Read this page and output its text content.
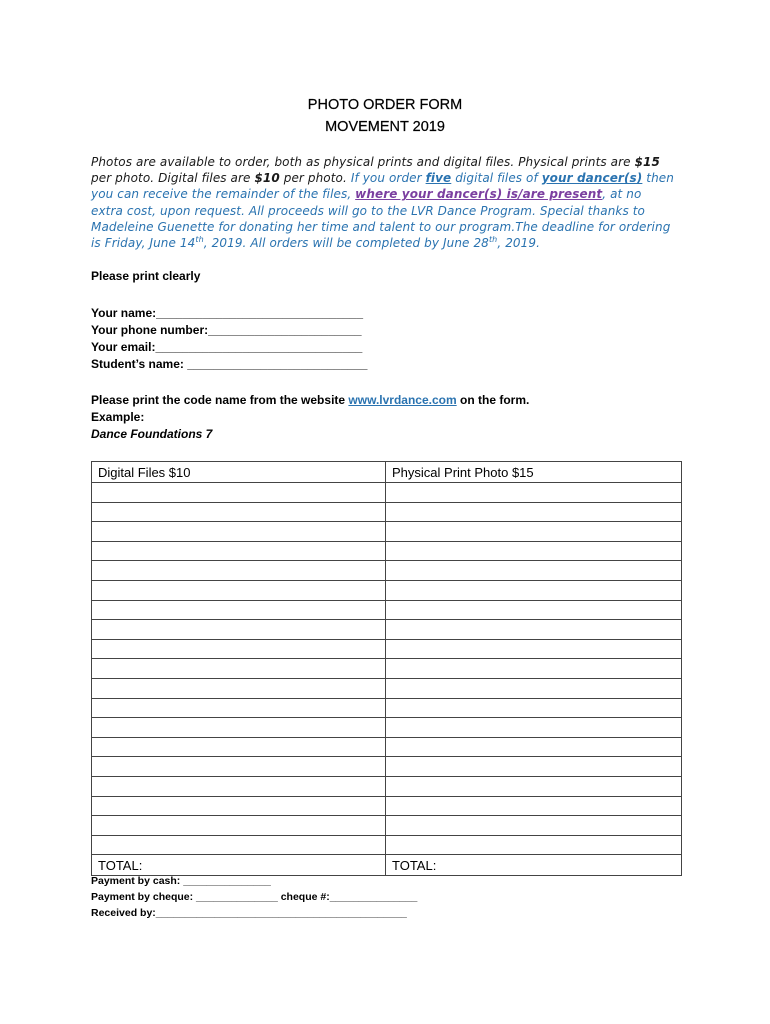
PHOTO ORDER FORM
MOVEMENT 2019
Photos are available to order, both as physical prints and digital files. Physical prints are $15 per photo. Digital files are $10 per photo. If you order five digital files of your dancer(s) then you can receive the remainder of the files, where your dancer(s) is/are present, at no extra cost, upon request. All proceeds will go to the LVR Dance Program. Special thanks to Madeleine Guenette for donating her time and talent to our program.The deadline for ordering is Friday, June 14th, 2019. All orders will be completed by June 28th, 2019.
Please print clearly
Your name:_______________________________
Your phone number:_______________________
Your email:_______________________________
Student’s name: ___________________________
Please print the code name from the website www.lvrdance.com on the form.
Example:
Dance Foundations 7
Digital Files $10	Physical Print Photo $15

TOTAL:	TOTAL:
Payment by cash: _______________
Payment by cheque: ______________ cheque #:_______________
Received by:___________________________________________
